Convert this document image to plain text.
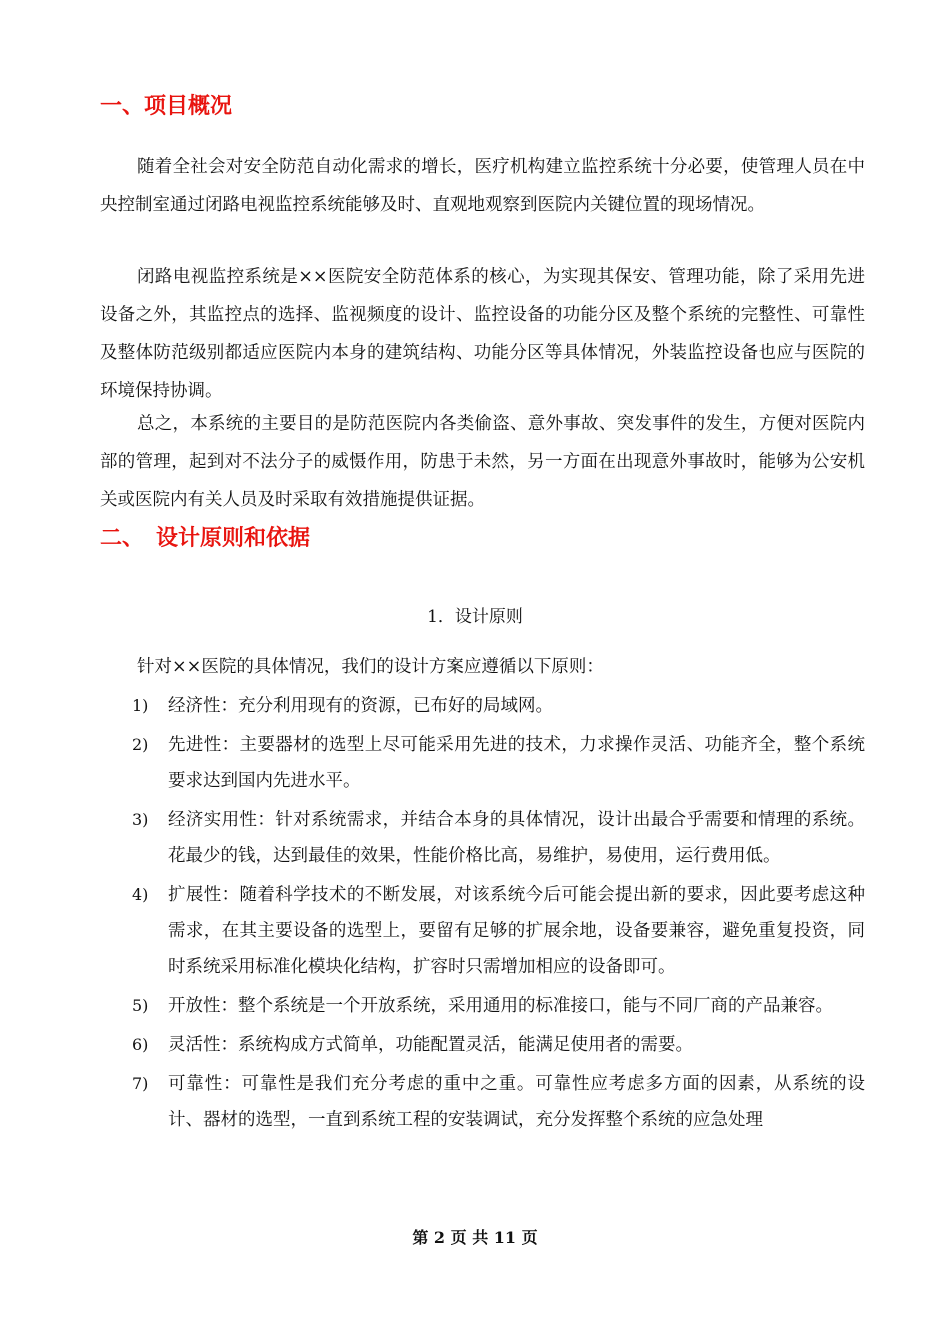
一、项目概况

随着全社会对安全防范自动化需求的增长，医疗机构建立监控系统十分必要，使管理人员在中央控制室通过闭路电视监控系统能够及时、直观地观察到医院内关键位置的现场情况。

闭路电视监控系统是××医院安全防范体系的核心，为实现其保安、管理功能，除了采用先进设备之外，其监控点的选择、监视频度的设计、监控设备的功能分区及整个系统的完整性、可靠性及整体防范级别都适应医院内本身的建筑结构、功能分区等具体情况，外装监控设备也应与医院的环境保持协调。

总之，本系统的主要目的是防范医院内各类偷盗、意外事故、突发事件的发生，方便对医院内部的管理，起到对不法分子的威慑作用，防患于未然，另一方面在出现意外事故时，能够为公安机关或医院内有关人员及时采取有效措施提供证据。

二、 设计原则和依据

1．设计原则

针对××医院的具体情况，我们的设计方案应遵循以下原则：

1) 经济性：充分利用现有的资源，已布好的局域网。
2) 先进性：主要器材的选型上尽可能采用先进的技术，力求操作灵活、功能齐全，整个系统要求达到国内先进水平。
3) 经济实用性：针对系统需求，并结合本身的具体情况，设计出最合乎需要和情理的系统。花最少的钱，达到最佳的效果，性能价格比高，易维护，易使用，运行费用低。
4) 扩展性：随着科学技术的不断发展，对该系统今后可能会提出新的要求，因此要考虑这种需求，在其主要设备的选型上，要留有足够的扩展余地，设备要兼容，避免重复投资，同时系统采用标准化模块化结构，扩容时只需增加相应的设备即可。
5) 开放性：整个系统是一个开放系统，采用通用的标准接口，能与不同厂商的产品兼容。
6) 灵活性：系统构成方式简单，功能配置灵活，能满足使用者的需要。
7) 可靠性：可靠性是我们充分考虑的重中之重。可靠性应考虑多方面的因素，从系统的设计、器材的选型，一直到系统工程的安装调试，充分发挥整个系统的应急处理

第 2 页 共 11 页
